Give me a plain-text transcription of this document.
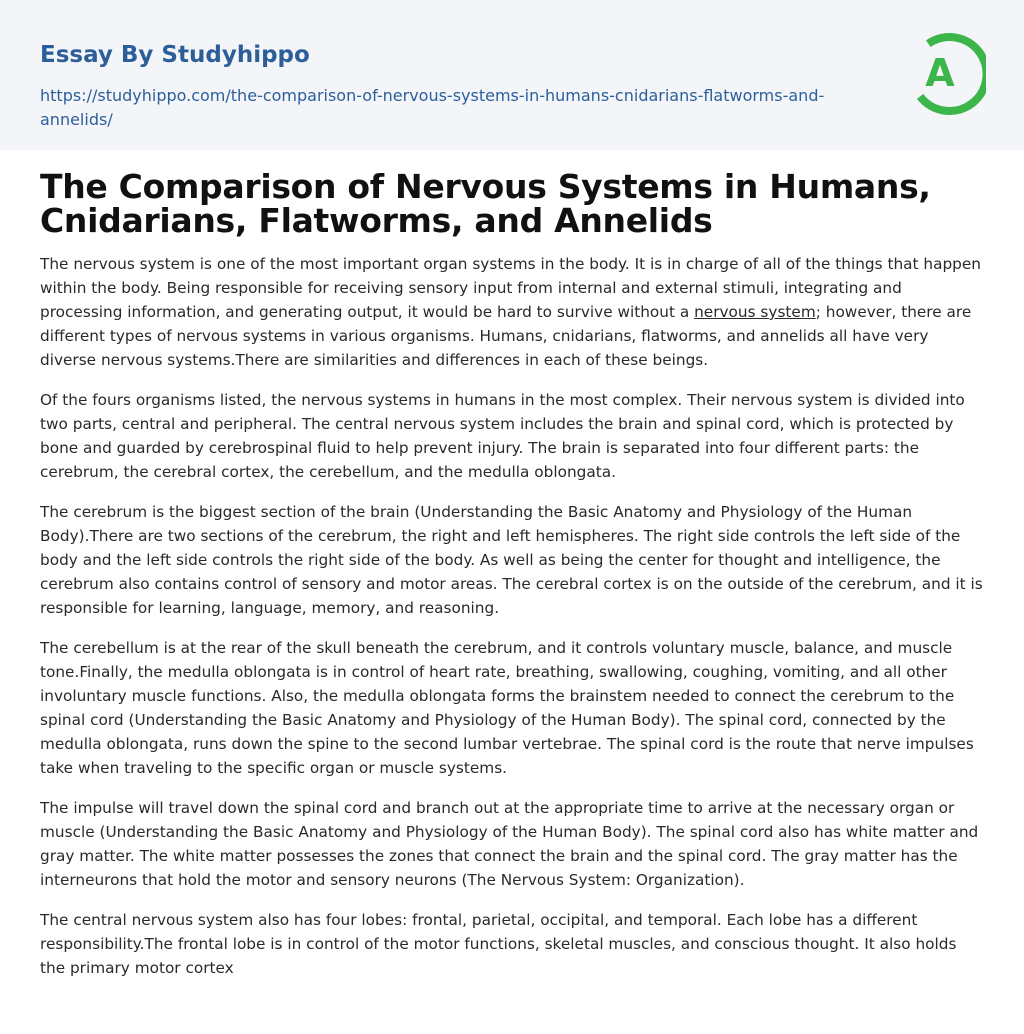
Essay By Studyhippo
https://studyhippo.com/the-comparison-of-nervous-systems-in-humans-cnidarians-flatworms-and-annelids/
A
The Comparison of Nervous Systems in Humans, Cnidarians, Flatworms, and Annelids

The nervous system is one of the most important organ systems in the body. It is in charge of all of the things that happen within the body. Being responsible for receiving sensory input from internal and external stimuli, integrating and processing information, and generating output, it would be hard to survive without a nervous system; however, there are different types of nervous systems in various organisms. Humans, cnidarians, flatworms, and annelids all have very diverse nervous systems.There are similarities and differences in each of these beings.

Of the fours organisms listed, the nervous systems in humans in the most complex. Their nervous system is divided into two parts, central and peripheral. The central nervous system includes the brain and spinal cord, which is protected by bone and guarded by cerebrospinal fluid to help prevent injury. The brain is separated into four different parts: the cerebrum, the cerebral cortex, the cerebellum, and the medulla oblongata.

The cerebrum is the biggest section of the brain (Understanding the Basic Anatomy and Physiology of the Human Body).There are two sections of the cerebrum, the right and left hemispheres. The right side controls the left side of the body and the left side controls the right side of the body. As well as being the center for thought and intelligence, the cerebrum also contains control of sensory and motor areas. The cerebral cortex is on the outside of the cerebrum, and it is responsible for learning, language, memory, and reasoning.

The cerebellum is at the rear of the skull beneath the cerebrum, and it controls voluntary muscle, balance, and muscle tone.Finally, the medulla oblongata is in control of heart rate, breathing, swallowing, coughing, vomiting, and all other involuntary muscle functions. Also, the medulla oblongata forms the brainstem needed to connect the cerebrum to the spinal cord (Understanding the Basic Anatomy and Physiology of the Human Body). The spinal cord, connected by the medulla oblongata, runs down the spine to the second lumbar vertebrae. The spinal cord is the route that nerve impulses take when traveling to the specific organ or muscle systems.

The impulse will travel down the spinal cord and branch out at the appropriate time to arrive at the necessary organ or muscle (Understanding the Basic Anatomy and Physiology of the Human Body). The spinal cord also has white matter and gray matter. The white matter possesses the zones that connect the brain and the spinal cord. The gray matter has the interneurons that hold the motor and sensory neurons (The Nervous System: Organization).

The central nervous system also has four lobes: frontal, parietal, occipital, and temporal. Each lobe has a different responsibility.The frontal lobe is in control of the motor functions, skeletal muscles, and conscious thought. It also holds the primary motor cortex
